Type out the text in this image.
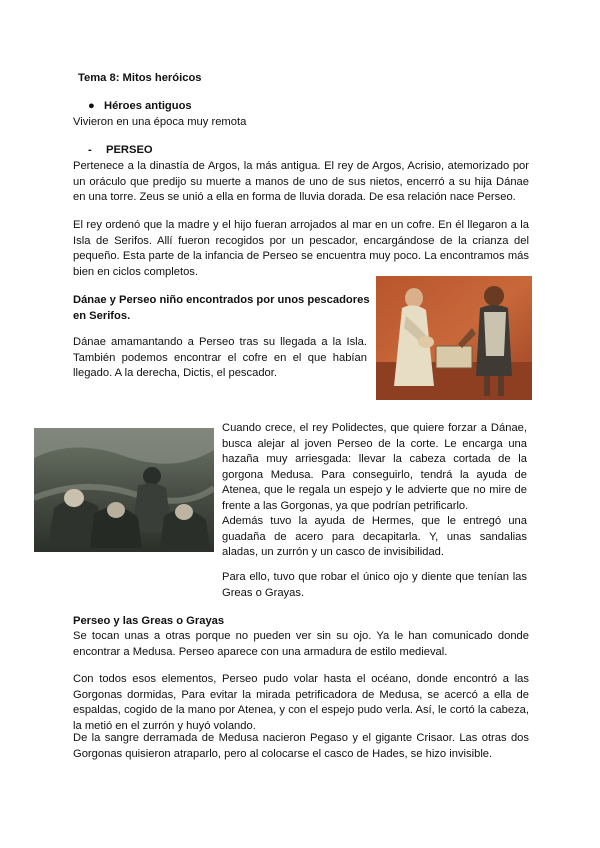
Tema 8: Mitos heróicos
● Héroes antiguos
Vivieron en una época muy remota
- PERSEO
Pertenece a la dinastía de Argos, la más antigua. El rey de Argos, Acrisio, atemorizado por un oráculo que predijo su muerte a manos de uno de sus nietos, encerró a su hija Dánae en una torre. Zeus se unió a ella en forma de lluvia dorada. De esa relación nace Perseo.
El rey ordenó que la madre y el hijo fueran arrojados al mar en un cofre. En él llegaron a la Isla de Serifos. Allí fueron recogidos por un pescador, encargándose de la crianza del pequeño. Esta parte de la infancia de Perseo se encuentra muy poco. La encontramos más bien en ciclos completos.
Dánae y Perseo niño encontrados por unos pescadores en Serifos.
Dánae amamantando a Perseo tras su llegada a la Isla. También podemos encontrar el cofre en el que habían llegado. A la derecha, Dictis, el pescador.
Cuando crece, el rey Polidectes, que quiere forzar a Dánae, busca alejar al joven Perseo de la corte. Le encarga una hazaña muy arriesgada: llevar la cabeza cortada de la gorgona Medusa. Para conseguirlo, tendrá la ayuda de Atenea, que le regala un espejo y le advierte que no mire de frente a las Gorgonas, ya que podrían petrificarlo.
Además tuvo la ayuda de Hermes, que le entregó una guadaña de acero para decapitarla. Y, unas sandalias aladas, un zurrón y un casco de invisibilidad.
Para ello, tuvo que robar el único ojo y diente que tenían las Greas o Grayas.
Perseo y las Greas o Grayas
Se tocan unas a otras porque no pueden ver sin su ojo. Ya le han comunicado donde encontrar a Medusa. Perseo aparece con una armadura de estilo medieval.
Con todos esos elementos, Perseo pudo volar hasta el océano, donde encontró a las Gorgonas dormidas, Para evitar la mirada petrificadora de Medusa, se acercó a ella de espaldas, cogido de la mano por Atenea, y con el espejo pudo verla. Así, le cortó la cabeza, la metió en el zurrón y huyó volando.
De la sangre derramada de Medusa nacieron Pegaso y el gigante Crisaor. Las otras dos Gorgonas quisieron atraparlo, pero al colocarse el casco de Hades, se hizo invisible.
